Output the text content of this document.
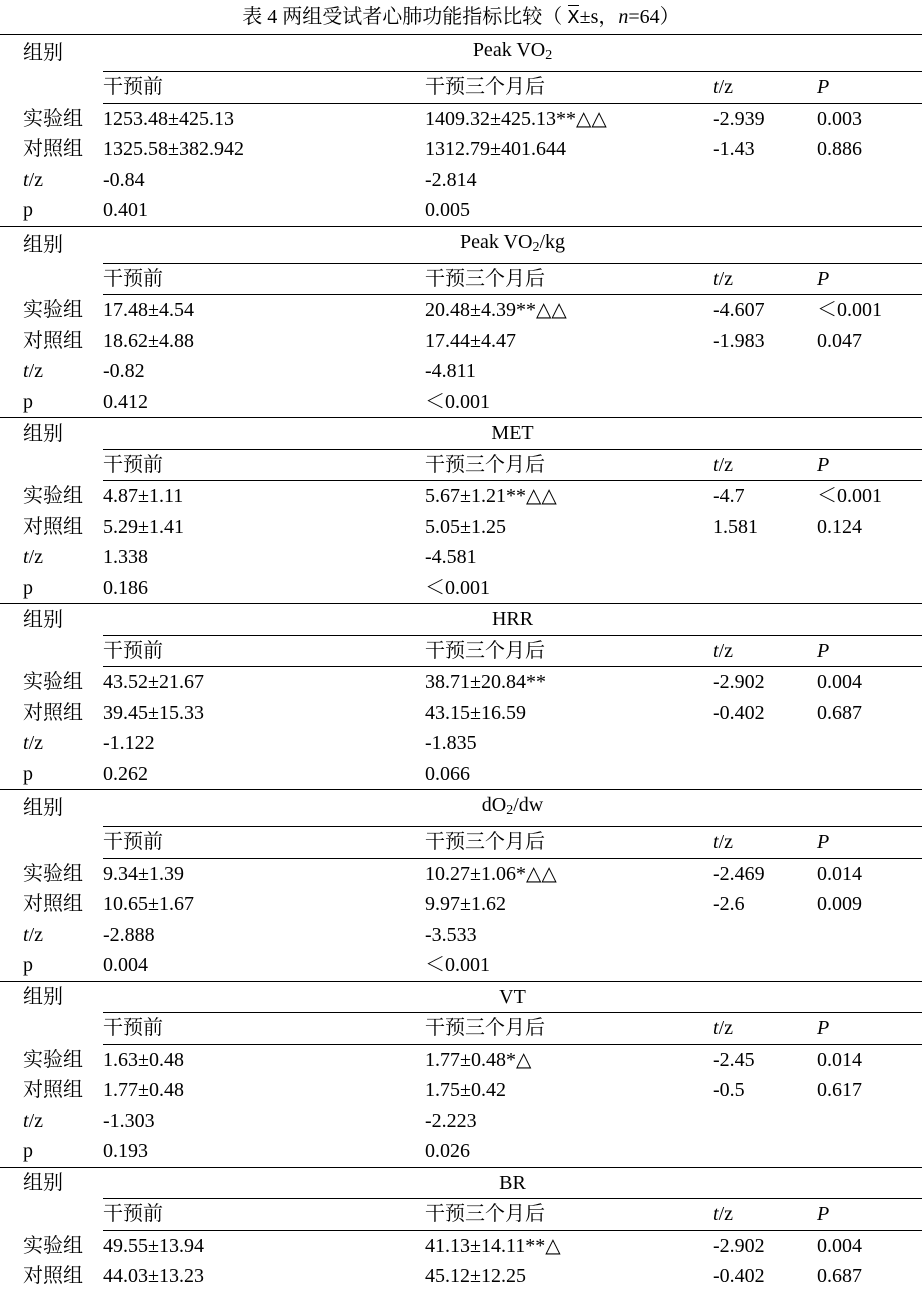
表 4 两组受试者心肺功能指标比较（ X±s，n=64）
组别	Peak VO2			
	干预前	干预三个月后	t/z	P
实验组	1253.48±425.13	1409.32±425.13**△△	-2.939	0.003
对照组	1325.58±382.942	1312.79±401.644	-1.43	0.886
t/z	-0.84	-2.814		
p	0.401	0.005		
组别	Peak VO2/kg			
	干预前	干预三个月后	t/z	P
实验组	17.48±4.54	20.48±4.39**△△	-4.607	＜0.001
对照组	18.62±4.88	17.44±4.47	-1.983	0.047
t/z	-0.82	-4.811		
p	0.412	＜0.001		
组别	MET			
	干预前	干预三个月后	t/z	P
实验组	4.87±1.11	5.67±1.21**△△	-4.7	＜0.001
对照组	5.29±1.41	5.05±1.25	1.581	0.124
t/z	1.338	-4.581		
p	0.186	＜0.001		
组别	HRR			
	干预前	干预三个月后	t/z	P
实验组	43.52±21.67	38.71±20.84**	-2.902	0.004
对照组	39.45±15.33	43.15±16.59	-0.402	0.687
t/z	-1.122	-1.835		
p	0.262	0.066		
组别	dO2/dw			
	干预前	干预三个月后	t/z	P
实验组	9.34±1.39	10.27±1.06*△△	-2.469	0.014
对照组	10.65±1.67	9.97±1.62	-2.6	0.009
t/z	-2.888	-3.533		
p	0.004	＜0.001		
组别	VT			
	干预前	干预三个月后	t/z	P
实验组	1.63±0.48	1.77±0.48*△	-2.45	0.014
对照组	1.77±0.48	1.75±0.42	-0.5	0.617
t/z	-1.303	-2.223		
p	0.193	0.026		
组别	BR			
	干预前	干预三个月后	t/z	P
实验组	49.55±13.94	41.13±14.11**△	-2.902	0.004
对照组	44.03±13.23	45.12±12.25	-0.402	0.687
